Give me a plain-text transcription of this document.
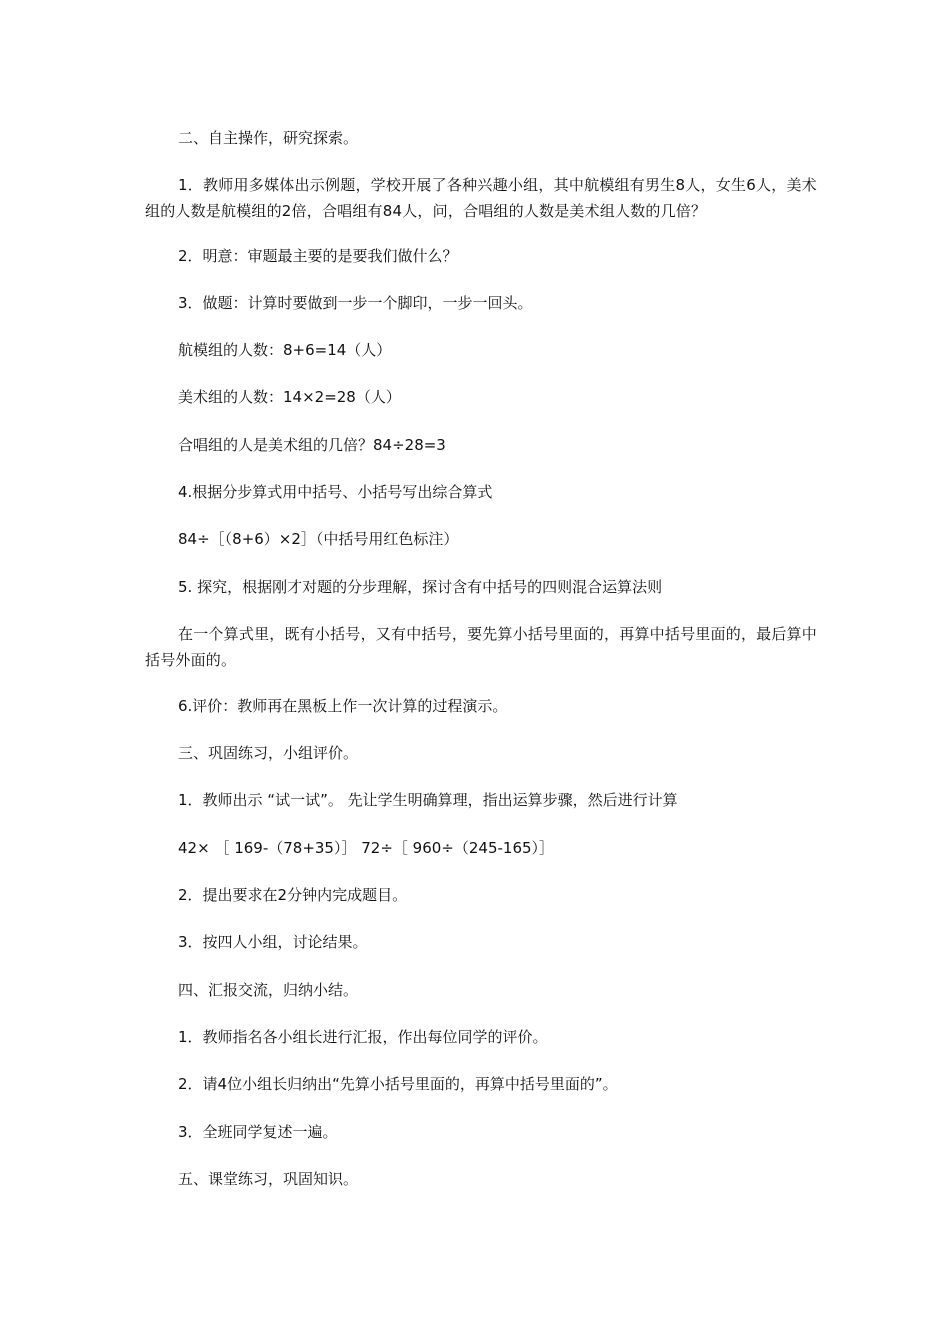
二、自主操作，研究探索。
1．教师用多媒体出示例题，学校开展了各种兴趣小组，其中航模组有男生8人，女生6人，美术组的人数是航模组的2倍，合唱组有84人，问，合唱组的人数是美术组人数的几倍？
2．明意：审题最主要的是要我们做什么？
3．做题：计算时要做到一步一个脚印，一步一回头。
航模组的人数：8+6=14（人）
美术组的人数：14×2=28（人）
合唱组的人是美术组的几倍？84÷28=3
4.根据分步算式用中括号、小括号写出综合算式
84÷［（8+6）×2］（中括号用红色标注）
5. 探究，根据刚才对题的分步理解，探讨含有中括号的四则混合运算法则
在一个算式里，既有小括号，又有中括号，要先算小括号里面的，再算中括号里面的，最后算中括号外面的。
6.评价：教师再在黑板上作一次计算的过程演示。
三、巩固练习，小组评价。
1．教师出示 “试一试”。 先让学生明确算理，指出运算步骤，然后进行计算
42× ［ 169-（78+35）］ 72÷［ 960÷（245-165）］
2．提出要求在2分钟内完成题目。
3．按四人小组，讨论结果。
四、汇报交流，归纳小结。
1．教师指名各小组长进行汇报，作出每位同学的评价。
2．请4位小组长归纳出“先算小括号里面的，再算中括号里面的”。
3．全班同学复述一遍。
五、课堂练习，巩固知识。
